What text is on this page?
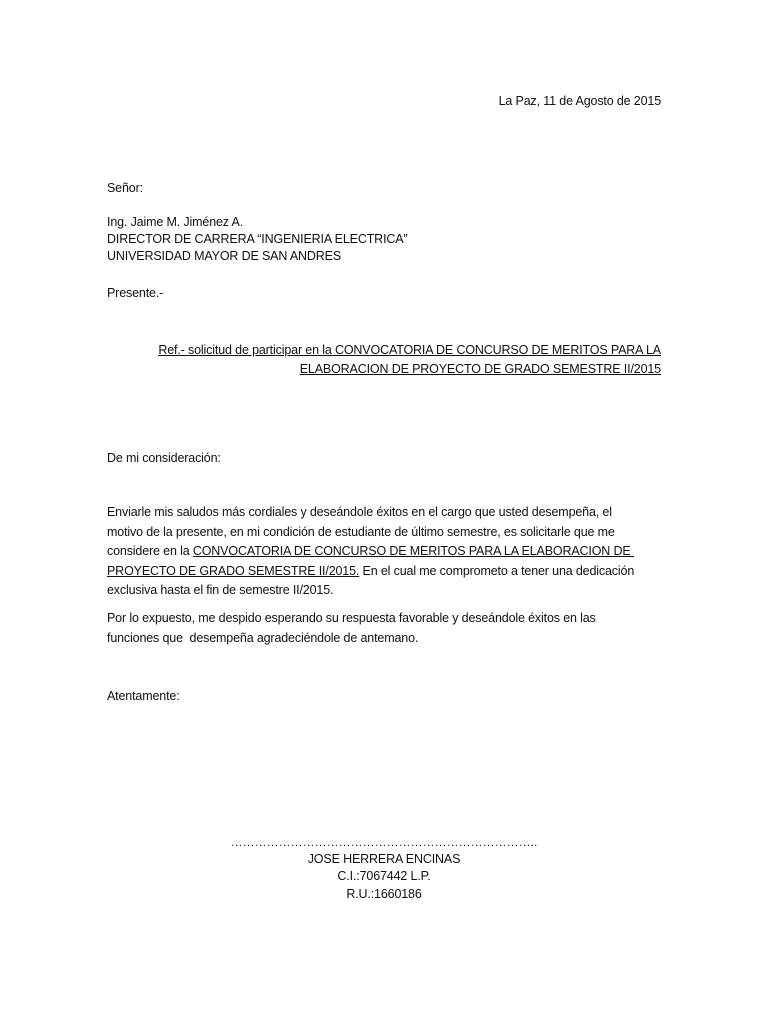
La Paz, 11 de Agosto de 2015
Señor:
Ing. Jaime M. Jiménez A.
DIRECTOR DE CARRERA “INGENIERIA ELECTRICA”
UNIVERSIDAD MAYOR DE SAN ANDRES
Presente.-
Ref.- solicitud de participar en la CONVOCATORIA DE CONCURSO DE MERITOS PARA LA
ELABORACION DE PROYECTO DE GRADO SEMESTRE II/2015
De mi consideración:
Enviarle mis saludos más cordiales y deseándole éxitos en el cargo que usted desempeña, el
motivo de la presente, en mi condición de estudiante de último semestre, es solicitarle que me
considere en la CONVOCATORIA DE CONCURSO DE MERITOS PARA LA ELABORACION DE
PROYECTO DE GRADO SEMESTRE II/2015. En el cual me comprometo a tener una dedicación
exclusiva hasta el fin de semestre II/2015.
Por lo expuesto, me despido esperando su respuesta favorable y deseándole éxitos en las
funciones que  desempeña agradeciéndole de antemano.
Atentamente:
…………………………………………………………………..
JOSE HERRERA ENCINAS
C.I.:7067442 L.P.
R.U.:1660186
